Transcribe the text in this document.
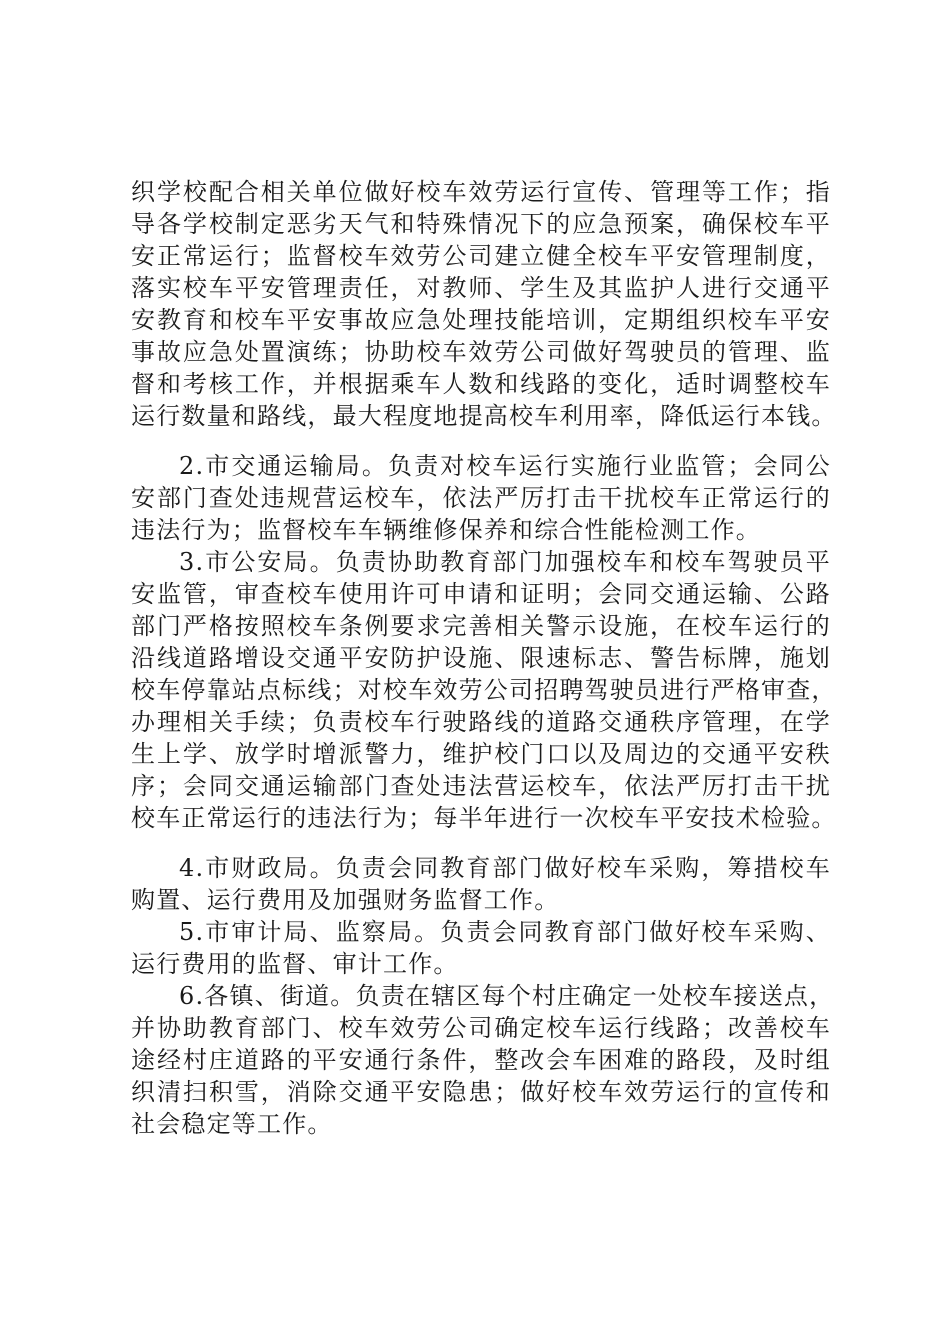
织学校配合相关单位做好校车效劳运行宣传、管理等工作；指

导各学校制定恶劣天气和特殊情况下的应急预案，确保校车平

安正常运行；监督校车效劳公司建立健全校车平安管理制度，

落实校车平安管理责任，对教师、学生及其监护人进行交通平

安教育和校车平安事故应急处理技能培训，定期组织校车平安

事故应急处置演练；协助校车效劳公司做好驾驶员的管理、监

督和考核工作，并根据乘车人数和线路的变化，适时调整校车

运行数量和路线，最大程度地提高校车利用率，降低运行本钱。

2.市交通运输局。负责对校车运行实施行业监管；会同公

安部门查处违规营运校车，依法严厉打击干扰校车正常运行的

违法行为；监督校车车辆维修保养和综合性能检测工作。

3.市公安局。负责协助教育部门加强校车和校车驾驶员平

安监管，审查校车使用许可申请和证明；会同交通运输、公路

部门严格按照校车条例要求完善相关警示设施，在校车运行的

沿线道路增设交通平安防护设施、限速标志、警告标牌，施划

校车停靠站点标线；对校车效劳公司招聘驾驶员进行严格审查，

办理相关手续；负责校车行驶路线的道路交通秩序管理，在学

生上学、放学时增派警力，维护校门口以及周边的交通平安秩

序；会同交通运输部门查处违法营运校车，依法严厉打击干扰

校车正常运行的违法行为；每半年进行一次校车平安技术检验。

4.市财政局。负责会同教育部门做好校车采购，筹措校车

购置、运行费用及加强财务监督工作。

5.市审计局、监察局。负责会同教育部门做好校车采购、

运行费用的监督、审计工作。

6.各镇、街道。负责在辖区每个村庄确定一处校车接送点，

并协助教育部门、校车效劳公司确定校车运行线路；改善校车

途经村庄道路的平安通行条件，整改会车困难的路段，及时组

织清扫积雪，消除交通平安隐患；做好校车效劳运行的宣传和

社会稳定等工作。
